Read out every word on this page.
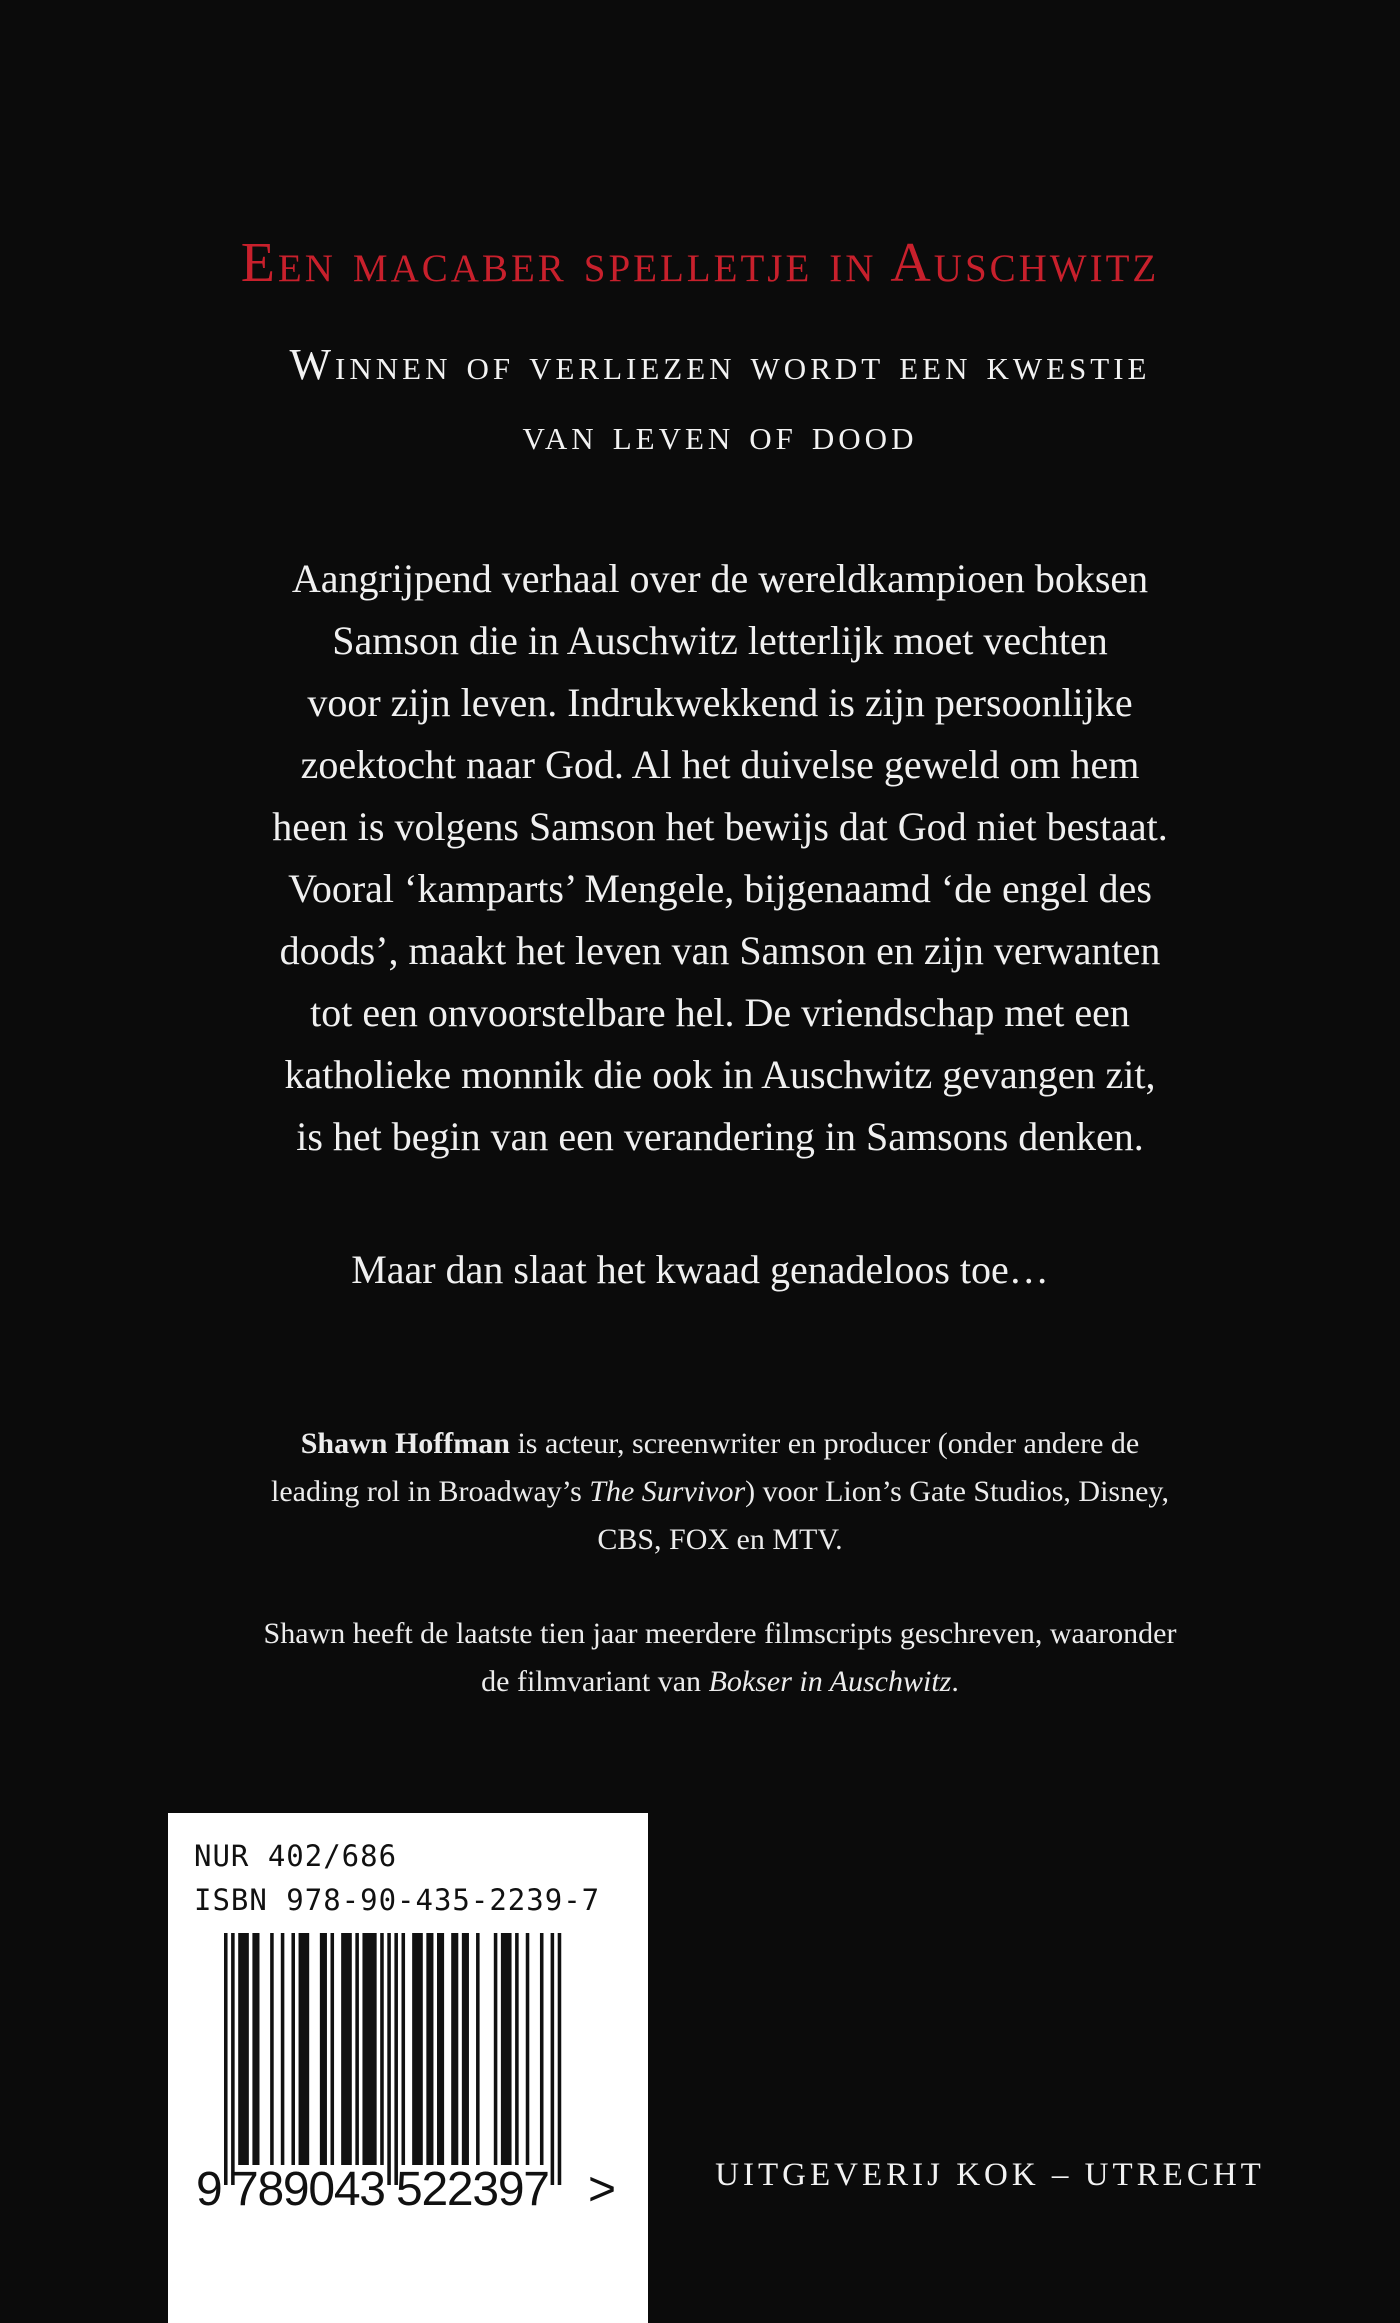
Een macaber spelletje in Auschwitz
Winnen of verliezen wordt een kwestie
van leven of dood
Aangrijpend verhaal over de wereldkampioen boksen
Samson die in Auschwitz letterlijk moet vechten
voor zijn leven. Indrukwekkend is zijn persoonlijke
zoektocht naar God. Al het duivelse geweld om hem
heen is volgens Samson het bewijs dat God niet bestaat.
Vooral ‘kamparts’ Mengele, bijgenaamd ‘de engel des
doods’, maakt het leven van Samson en zijn verwanten
tot een onvoorstelbare hel. De vriendschap met een
katholieke monnik die ook in Auschwitz gevangen zit,
is het begin van een verandering in Samsons denken.
Maar dan slaat het kwaad genadeloos toe…
Shawn Hoffman is acteur, screenwriter en producer (onder andere de
leading rol in Broadway’s The Survivor) voor Lion’s Gate Studios, Disney,
CBS, FOX en MTV.
Shawn heeft de laatste tien jaar meerdere filmscripts geschreven, waaronder
de filmvariant van Bokser in Auschwitz.
NUR 402/686
ISBN 978-90-435-2239-7
9 789043 522397 >	UITGEVERIJ KOK – UTRECHT
